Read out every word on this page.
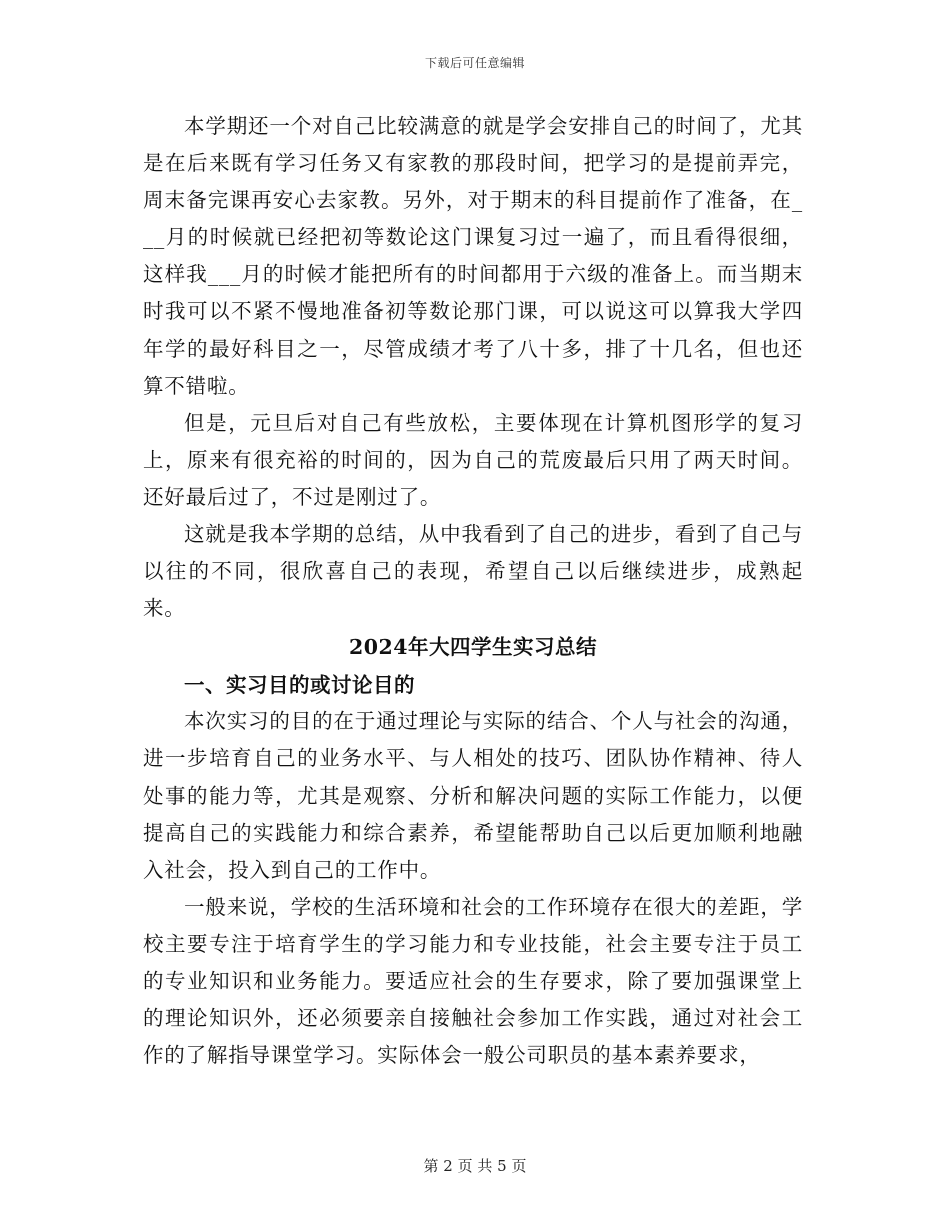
下载后可任意编辑

本学期还一个对自己比较满意的就是学会安排自己的时间了，尤其是在后来既有学习任务又有家教的那段时间，把学习的是提前弄完，周末备完课再安心去家教。另外，对于期末的科目提前作了准备，在___月的时候就已经把初等数论这门课复习过一遍了，而且看得很细，这样我___月的时候才能把所有的时间都用于六级的准备上。而当期末时我可以不紧不慢地准备初等数论那门课，可以说这可以算我大学四年学的最好科目之一，尽管成绩才考了八十多，排了十几名，但也还算不错啦。

但是，元旦后对自己有些放松，主要体现在计算机图形学的复习上，原来有很充裕的时间的，因为自己的荒废最后只用了两天时间。还好最后过了，不过是刚过了。

这就是我本学期的总结，从中我看到了自己的进步，看到了自己与以往的不同，很欣喜自己的表现，希望自己以后继续进步，成熟起来。

2024年大四学生实习总结

一、实习目的或讨论目的

本次实习的目的在于通过理论与实际的结合、个人与社会的沟通，进一步培育自己的业务水平、与人相处的技巧、团队协作精神、待人处事的能力等，尤其是观察、分析和解决问题的实际工作能力，以便提高自己的实践能力和综合素养，希望能帮助自己以后更加顺利地融入社会，投入到自己的工作中。

一般来说，学校的生活环境和社会的工作环境存在很大的差距，学校主要专注于培育学生的学习能力和专业技能，社会主要专注于员工的专业知识和业务能力。要适应社会的生存要求，除了要加强课堂上的理论知识外，还必须要亲自接触社会参加工作实践，通过对社会工作的了解指导课堂学习。实际体会一般公司职员的基本素养要求，

第 2 页 共 5 页
